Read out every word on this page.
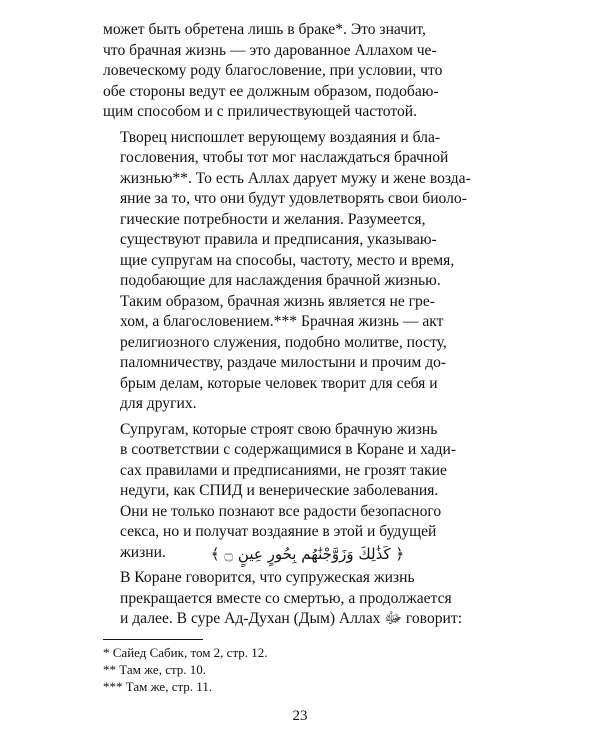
может быть обретена лишь в браке*. Это значит,

что брачная жизнь — это дарованное Аллахом че-

ловеческому роду благословение, при условии, что

обе стороны ведут ее должным образом, подобаю-

щим способом и с приличествующей частотой.

Творец ниспошлет верующему воздаяния и бла-

гословения, чтобы тот мог наслаждаться брачной

жизнью**. То есть Аллах дарует мужу и жене возда-

яние за то, что они будут удовлетворять свои биоло-

гические потребности и желания. Разумеется,

существуют правила и предписания, указываю-

щие супругам на способы, частоту, место и время,

подобающие для наслаждения брачной жизнью.

Таким образом, брачная жизнь является не гре-

хом, а благословением.*** Брачная жизнь — акт

религиозного служения, подобно молитве, посту,

паломничеству, раздаче милостыни и прочим до-

брым делам, которые человек творит для себя и

для других.

Супругам, которые строят свою брачную жизнь

в соответствии с содержащимися в Коране и хади-

сах правилами и предписаниями, не грозят такие

недуги, как СПИД и венерические заболевания.

Они не только познают все радости безопасного

секса, но и получат воздаяние в этой и будущей

жизни.

В Коране говорится, что супружеская жизнь

прекращается вместе со смертью, а продолжается

и далее. В суре Ад-Духан (Дым) Аллах ﷻ говорит:

﴿ كَذَٰلِكَ وَزَوَّجْنَٰهُم بِحُورٍ عِينٍ ۝ ﴾
* Сайед Сабик, том 2, стр. 12.
** Там же, стр. 10.
*** Там же, стр. 11.
23
